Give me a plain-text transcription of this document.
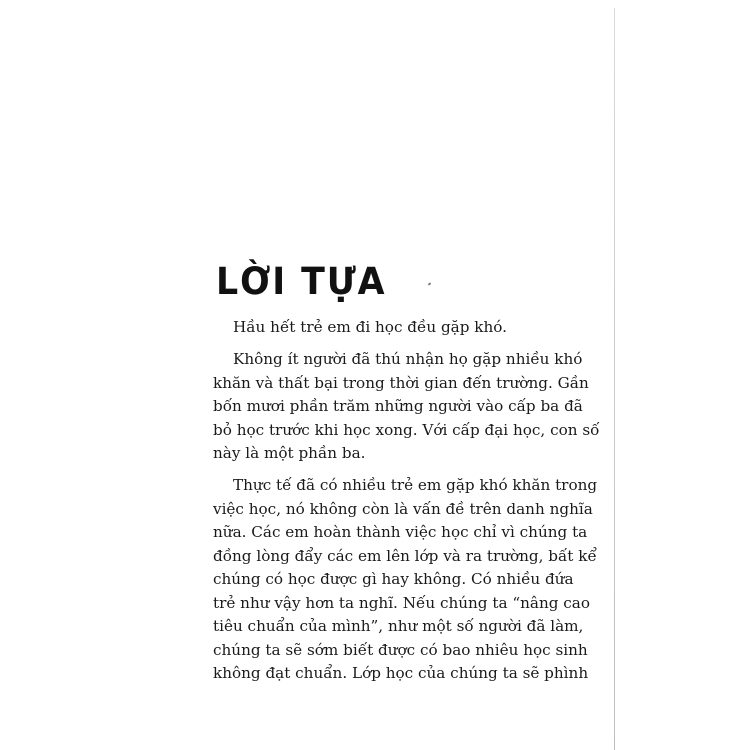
LỜI TỰA

Hầu hết trẻ em đi học đều gặp khó.

Không ít người đã thú nhận họ gặp nhiều khó
khăn và thất bại trong thời gian đến trường. Gần
bốn mươi phần trăm những người vào cấp ba đã
bỏ học trước khi học xong. Với cấp đại học, con số
này là một phần ba.

Thực tế đã có nhiều trẻ em gặp khó khăn trong
việc học, nó không còn là vấn đề trên danh nghĩa
nữa. Các em hoàn thành việc học chỉ vì chúng ta
đồng lòng đẩy các em lên lớp và ra trường, bất kể
chúng có học được gì hay không. Có nhiều đứa
trẻ như vậy hơn ta nghĩ. Nếu chúng ta “nâng cao
tiêu chuẩn của mình”, như một số người đã làm,
chúng ta sẽ sớm biết được có bao nhiêu học sinh
không đạt chuẩn. Lớp học của chúng ta sẽ phình
